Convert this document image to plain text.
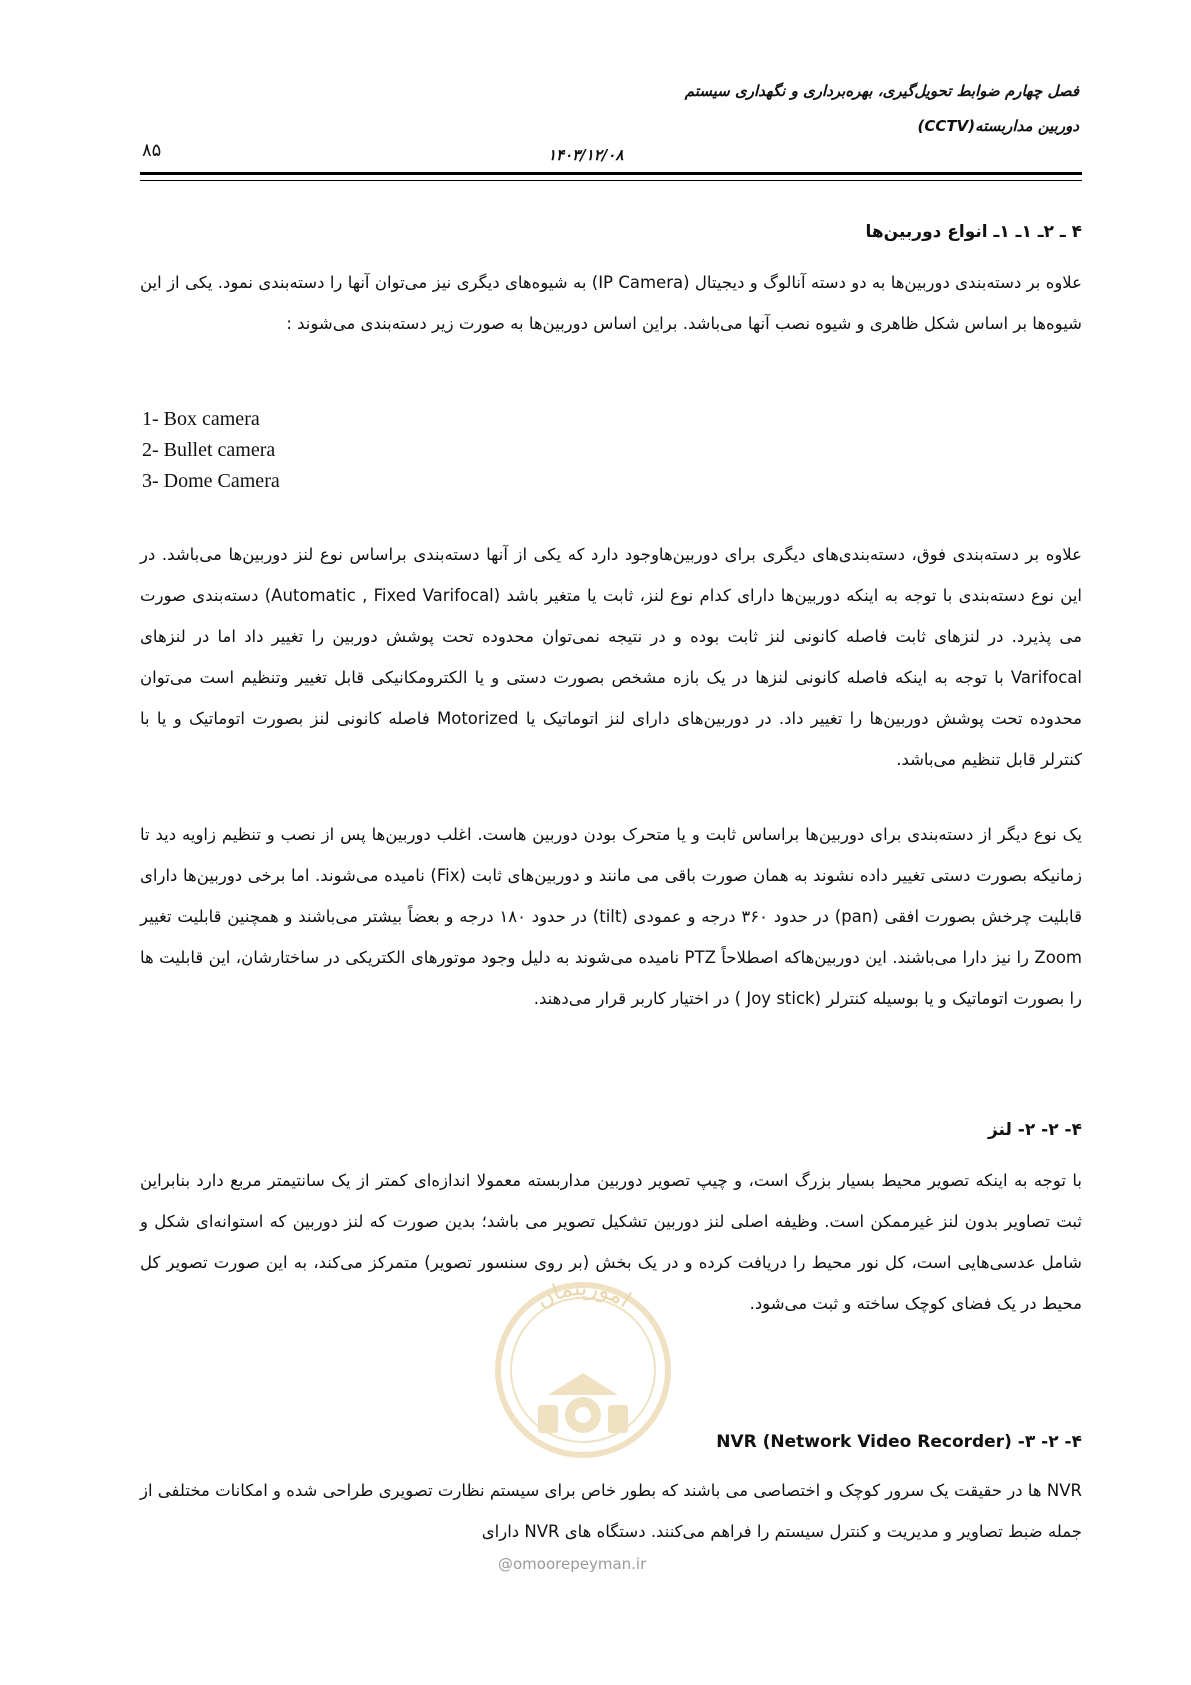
فصل چهارم ضوابط تحویل‌گیری، بهره‌برداری و نگهداری سیستم
دوربین مداربسته(CCTV)
۱۴۰۳/۱۲/۰۸
۸۵
۴ ـ ۲ـ ۱ـ ۱ـ انواع دوربین‌ها

علاوه بر دسته‌بندی دوربین‌ها به دو دسته آنالوگ و دیجیتال (IP Camera) به شیوه‌های دیگری نیز می‌توان آنها را دسته‌بندی نمود. یکی از این شیوه‌ها بر اساس شکل ظاهری و شیوه نصب آنها می‌باشد. براین اساس دوربین‌ها به صورت زیر دسته‌بندی می‌شوند :

1- Box camera
2- Bullet camera
3- Dome Camera

علاوه بر دسته‌بندی فوق، دسته‌بندی‌های دیگری برای دوربین‌هاوجود دارد که یکی از آنها دسته‌بندی براساس نوع لنز دوربین‌ها می‌باشد. در این نوع دسته‌بندی با توجه به اینکه دوربین‌ها دارای کدام نوع لنز، ثابت یا متغیر باشد (Automatic , Fixed Varifocal) دسته‌بندی صورت می پذیرد. در لنزهای ثابت فاصله کانونی لنز ثابت بوده و در نتیجه نمی‌توان محدوده تحت پوشش دوربین را تغییر داد اما در لنزهای Varifocal با توجه به اینکه فاصله کانونی لنزها در یک بازه مشخص بصورت دستی و یا الکترومکانیکی قابل تغییر وتنظیم است می‌توان محدوده تحت پوشش دوربین‌ها را تغییر داد. در دوربین‌های دارای لنز اتوماتیک یا Motorized فاصله کانونی لنز بصورت اتوماتیک و یا با کنترلر قابل تنظیم می‌باشد.

یک نوع دیگر از دسته‌بندی برای دوربین‌ها براساس ثابت و یا متحرک بودن دوربین هاست. اغلب دوربین‌ها پس از نصب و تنظیم زاویه دید تا زمانیکه بصورت دستی تغییر داده نشوند به همان صورت باقی می مانند و دوربین‌های ثابت (Fix) نامیده می‌شوند. اما برخی دوربین‌ها دارای قابلیت چرخش بصورت افقی (pan) در حدود ۳۶۰ درجه و عمودی (tilt) در حدود ۱۸۰ درجه و بعضاً بیشتر می‌باشند و همچنین قابلیت تغییر Zoom را نیز دارا می‌باشند. این دوربین‌هاکه اصطلاحاً PTZ نامیده می‌شوند به دلیل وجود موتورهای الکتریکی در ساختارشان، این قابلیت ها را بصورت اتوماتیک و یا بوسیله کنترلر (Joy stick ) در اختیار کاربر قرار می‌دهند.

۴- ۲- ۲- لنز

با توجه به اینکه تصویر محیط بسیار بزرگ است، و چیپ تصویر دوربین مداربسته معمولا اندازه‌ای کمتر از یک سانتیمتر مربع دارد بنابراین ثبت تصاویر بدون لنز غیرممکن است. وظیفه اصلی لنز دوربین تشکیل تصویر می باشد؛ بدین صورت که لنز دوربین که استوانه‌ای شکل و شامل عدسی‌هایی است، کل نور محیط را دریافت کرده و در یک بخش (بر روی سنسور تصویر) متمرکز می‌کند، به این صورت تصویر کل محیط در یک فضای کوچک ساخته و ثبت می‌شود.

امورپیمان
۴- ۲- ۳- NVR (Network Video Recorder)

NVR ها در حقیقت یک سرور کوچک و اختصاصی می باشند که بطور خاص برای سیستم نظارت تصویری طراحی شده و امکانات مختلفی از جمله ضبط تصاویر و مدیریت و کنترل سیستم را فراهم می‌کنند. دستگاه های NVR دارای

@omoorepeyman.ir
